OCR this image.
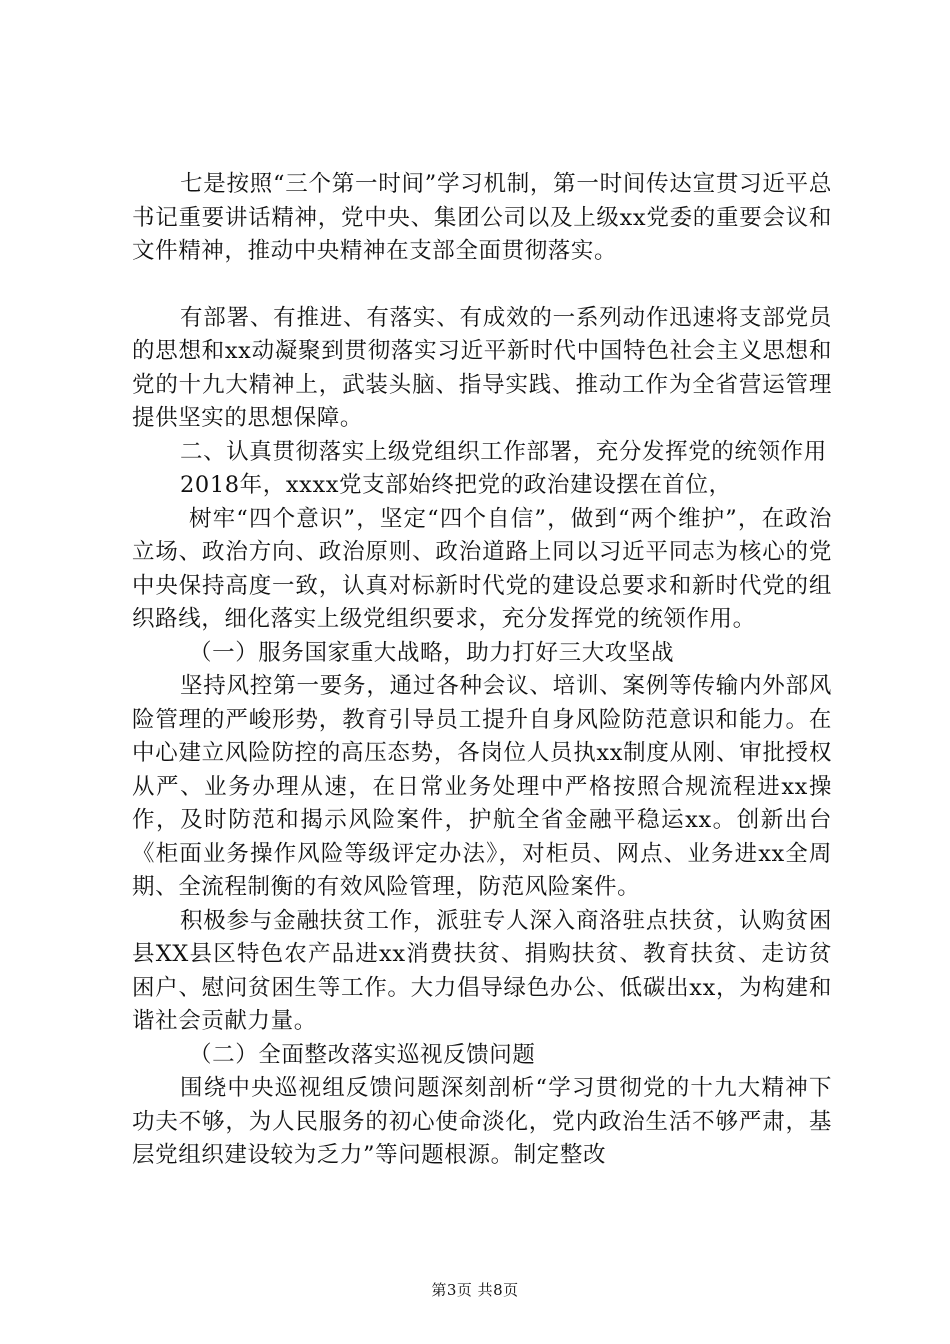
七是按照“三个第一时间”学习机制，第一时间传达宣贯习近平总书记重要讲话精神，党中央、集团公司以及上级xx党委的重要会议和文件精神，推动中央精神在支部全面贯彻落实。

有部署、有推进、有落实、有成效的一系列动作迅速将支部党员的思想和xx动凝聚到贯彻落实习近平新时代中国特色社会主义思想和党的十九大精神上，武装头脑、指导实践、推动工作为全省营运管理提供坚实的思想保障。

二、认真贯彻落实上级党组织工作部署，充分发挥党的统领作用

2018年，xxxx党支部始终把党的政治建设摆在首位，

树牢“四个意识”，坚定“四个自信”，做到“两个维护”，在政治立场、政治方向、政治原则、政治道路上同以习近平同志为核心的党中央保持高度一致，认真对标新时代党的建设总要求和新时代党的组织路线，细化落实上级党组织要求，充分发挥党的统领作用。

（一）服务国家重大战略，助力打好三大攻坚战

坚持风控第一要务，通过各种会议、培训、案例等传输内外部风险管理的严峻形势，教育引导员工提升自身风险防范意识和能力。在中心建立风险防控的高压态势，各岗位人员执xx制度从刚、审批授权从严、业务办理从速，在日常业务处理中严格按照合规流程进xx操作，及时防范和揭示风险案件，护航全省金融平稳运xx。创新出台《柜面业务操作风险等级评定办法》，对柜员、网点、业务进xx全周期、全流程制衡的有效风险管理，防范风险案件。

积极参与金融扶贫工作，派驻专人深入商洛驻点扶贫，认购贫困县XX县区特色农产品进xx消费扶贫、捐购扶贫、教育扶贫、走访贫困户、慰问贫困生等工作。大力倡导绿色办公、低碳出xx，为构建和谐社会贡献力量。

（二）全面整改落实巡视反馈问题

围绕中央巡视组反馈问题深刻剖析“学习贯彻党的十九大精神下功夫不够，为人民服务的初心使命淡化，党内政治生活不够严肃，基层党组织建设较为乏力”等问题根源。制定整改

第3页 共8页
